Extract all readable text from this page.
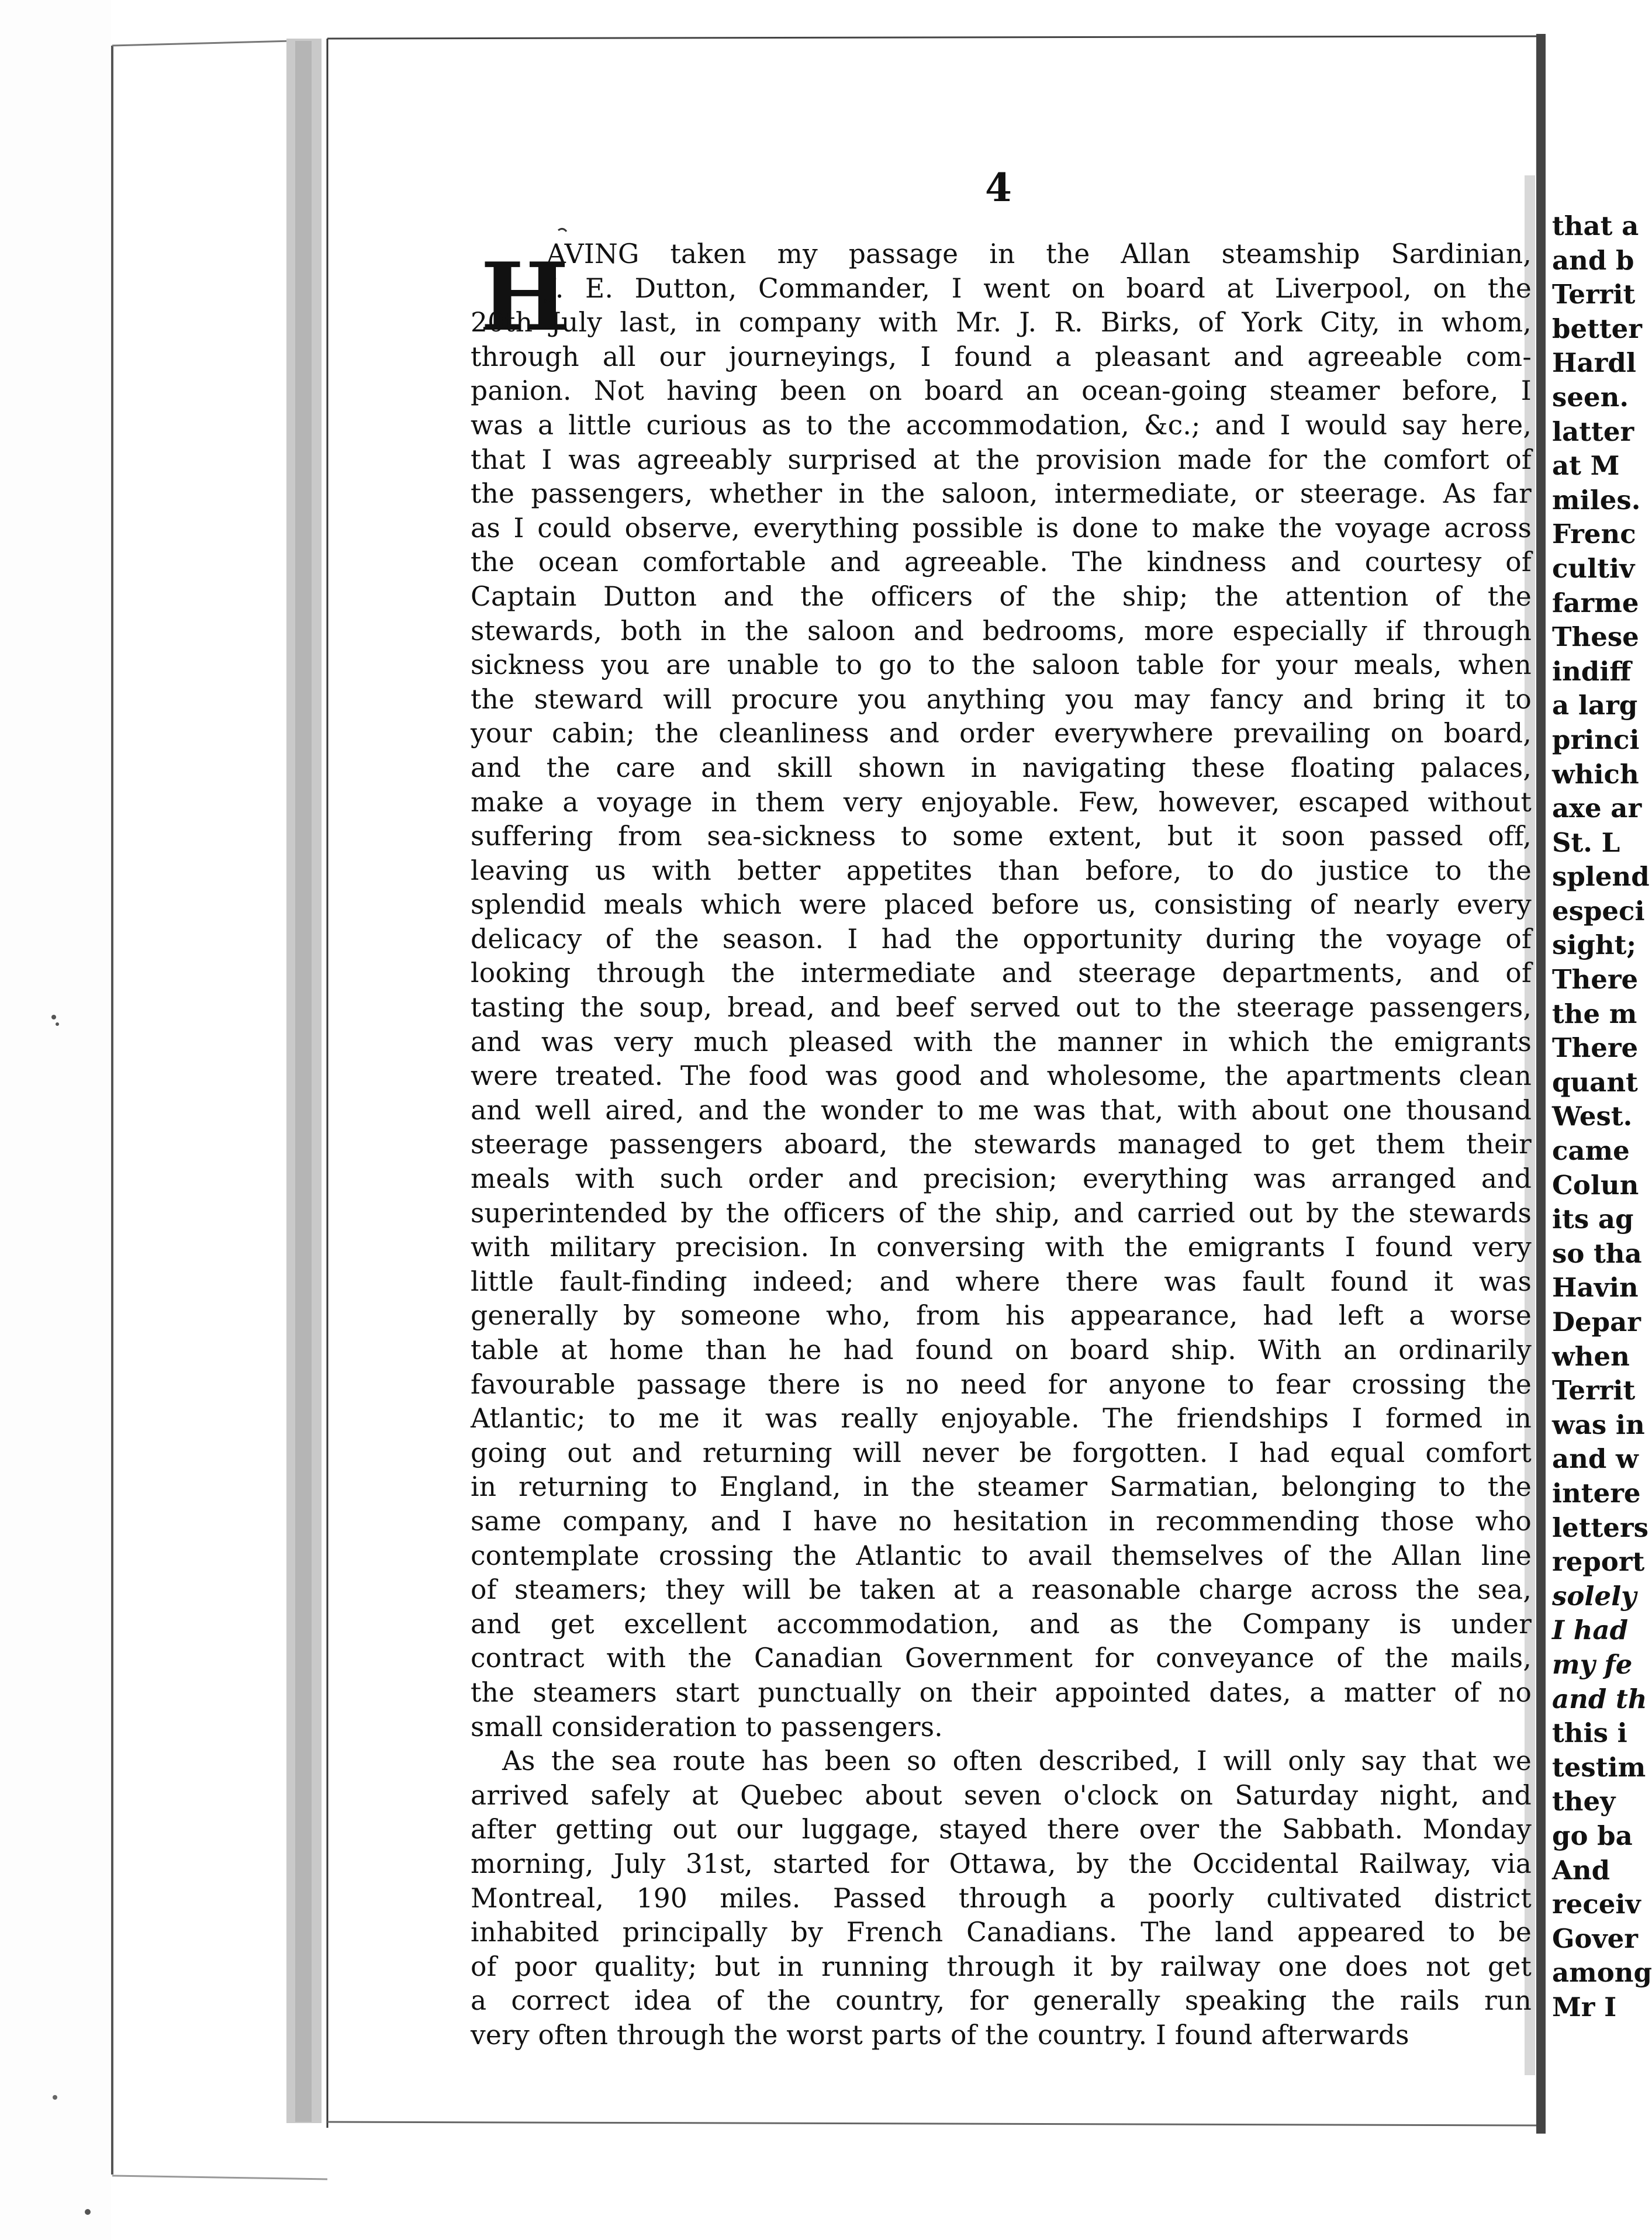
4
H
AVING taken my passage in the Allan steamship Sardinian,
J. E. Dutton, Commander, I went on board at Liverpool, on the
20th July last, in company with Mr. J. R. Birks, of York City, in whom,
through all our journeyings, I found a pleasant and agreeable com-
panion. Not having been on board an ocean-going steamer before, I
was a little curious as to the accommodation, &c.; and I would say here,
that I was agreeably surprised at the provision made for the comfort of
the passengers, whether in the saloon, intermediate, or steerage. As far
as I could observe, everything possible is done to make the voyage across
the ocean comfortable and agreeable. The kindness and courtesy of
Captain Dutton and the officers of the ship; the attention of the
stewards, both in the saloon and bedrooms, more especially if through
sickness you are unable to go to the saloon table for your meals, when
the steward will procure you anything you may fancy and bring it to
your cabin; the cleanliness and order everywhere prevailing on board,
and the care and skill shown in navigating these floating palaces,
make a voyage in them very enjoyable. Few, however, escaped without
suffering from sea-sickness to some extent, but it soon passed off,
leaving us with better appetites than before, to do justice to the
splendid meals which were placed before us, consisting of nearly every
delicacy of the season. I had the opportunity during the voyage of
looking through the intermediate and steerage departments, and of
tasting the soup, bread, and beef served out to the steerage passengers,
and was very much pleased with the manner in which the emigrants
were treated. The food was good and wholesome, the apartments clean
and well aired, and the wonder to me was that, with about one thousand
steerage passengers aboard, the stewards managed to get them their
meals with such order and precision; everything was arranged and
superintended by the officers of the ship, and carried out by the stewards
with military precision. In conversing with the emigrants I found very
little fault-finding indeed; and where there was fault found it was
generally by someone who, from his appearance, had left a worse
table at home than he had found on board ship. With an ordinarily
favourable passage there is no need for anyone to fear crossing the
Atlantic; to me it was really enjoyable. The friendships I formed in
going out and returning will never be forgotten. I had equal comfort
in returning to England, in the steamer Sarmatian, belonging to the
same company, and I have no hesitation in recommending those who
contemplate crossing the Atlantic to avail themselves of the Allan line
of steamers; they will be taken at a reasonable charge across the sea,
and get excellent accommodation, and as the Company is under
contract with the Canadian Government for conveyance of the mails,
the steamers start punctually on their appointed dates, a matter of no
small consideration to passengers.
As the sea route has been so often described, I will only say that we
arrived safely at Quebec about seven o'clock on Saturday night, and
after getting out our luggage, stayed there over the Sabbath. Monday
morning, July 31st, started for Ottawa, by the Occidental Railway, via
Montreal, 190 miles. Passed through a poorly cultivated district
inhabited principally by French Canadians. The land appeared to be
of poor quality; but in running through it by railway one does not get
a correct idea of the country, for generally speaking the rails run
very often through the worst parts of the country. I found afterwards
that a
and b
Territ
better
Hardl
seen.
latter
at M
miles.
Frenc
cultiv
farme
These
indiff
a larg
princi
which
axe ar
St. L
splend
especi
sight;
There
the m
There
quant
West.
came
Colun
its ag
so tha
Havin
Depar
when
Territ
was in
and w
intere
letters
report
solely
I had
my fe
and th
this i
testim
they
go ba
And
receiv
Gover
among
Mr I
